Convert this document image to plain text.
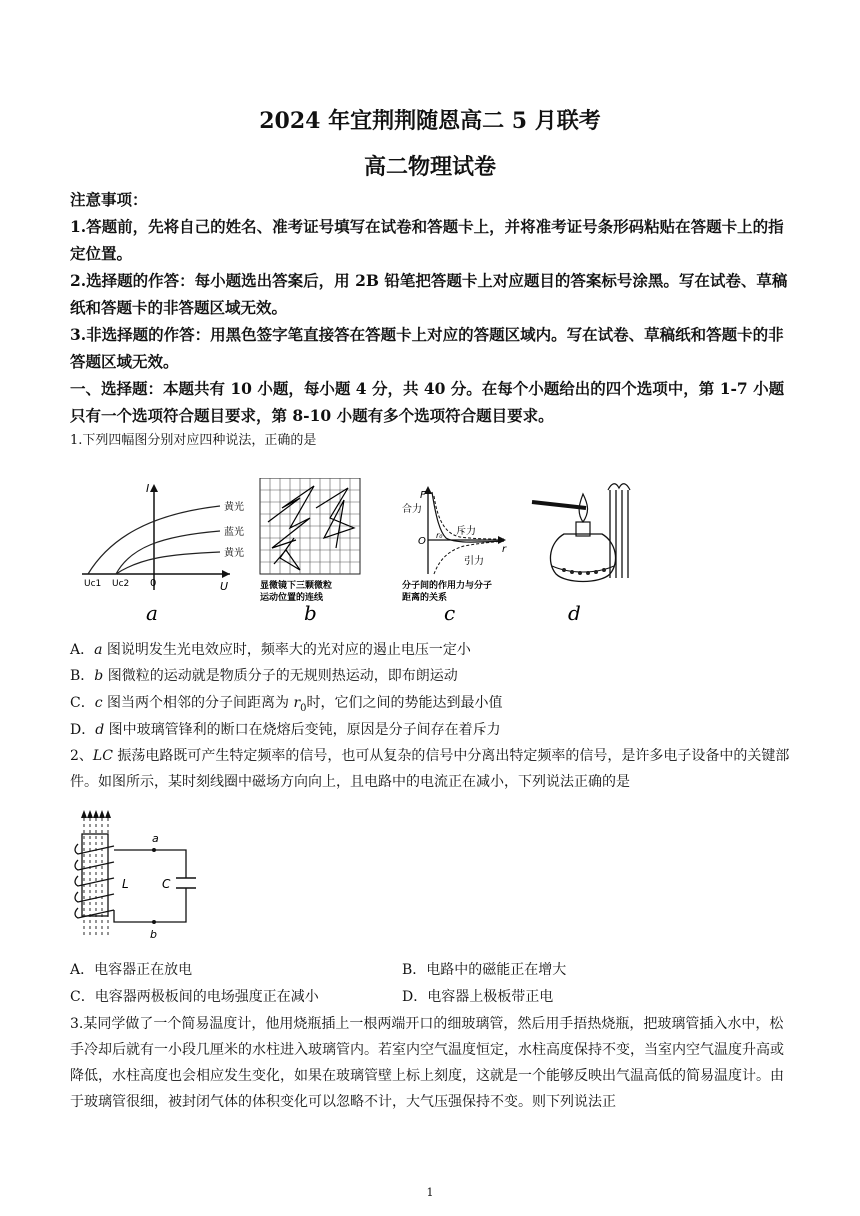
2024 年宜荆荆随恩高二 5 月联考
高二物理试卷
注意事项：
1.答题前，先将自己的姓名、准考证号填写在试卷和答题卡上，并将准考证号条形码粘贴在答题卡上的指定位置。
2.选择题的作答：每小题选出答案后，用 2B 铅笔把答题卡上对应题目的答案标号涂黑。写在试卷、草稿纸和答题卡的非答题区域无效。
3.非选择题的作答：用黑色签字笔直接答在答题卡上对应的答题区域内。写在试卷、草稿纸和答题卡的非答题区域无效。
一、选择题：本题共有 10 小题，每小题 4 分，共 40 分。在每个小题给出的四个选项中，第 1-7 小题只有一个选项符合题目要求，第 8-10 小题有多个选项符合题目要求。
1.下列四幅图分别对应四种说法，正确的是
I
U
0
Uc1 Uc2
黄光
蓝光
黄光
a
显微镜下三颗微粒
运动位置的连线
b
F
r
O
r₀
合力
斥力
引力
分子间的作用力与分子
距离的关系
c	d
A．a 图说明发生光电效应时，频率大的光对应的遏止电压一定小
B．b 图微粒的运动就是物质分子的无规则热运动，即布朗运动
C．c 图当两个相邻的分子间距离为 $r_0$时，它们之间的势能达到最小值
D．d 图中玻璃管锋利的断口在烧熔后变钝，原因是分子间存在着斥力
2、LC 振荡电路既可产生特定频率的信号，也可从复杂的信号中分离出特定频率的信号，是许多电子设备中的关键部件。如图所示，某时刻线圈中磁场方向向上，且电路中的电流正在减小，下列说法正确的是
a
b
L	C
A．电容器正在放电	B．电路中的磁能正在增大
C．电容器两极板间的电场强度正在减小	D．电容器上极板带正电
3.某同学做了一个简易温度计，他用烧瓶插上一根两端开口的细玻璃管，然后用手捂热烧瓶，把玻璃管插入水中，松手冷却后就有一小段几厘米的水柱进入玻璃管内。若室内空气温度恒定，水柱高度保持不变，当室内空气温度升高或降低，水柱高度也会相应发生变化，如果在玻璃管壁上标上刻度，这就是一个能够反映出气温高低的简易温度计。由于玻璃管很细，被封闭气体的体积变化可以忽略不计，大气压强保持不变。则下列说法正
1
